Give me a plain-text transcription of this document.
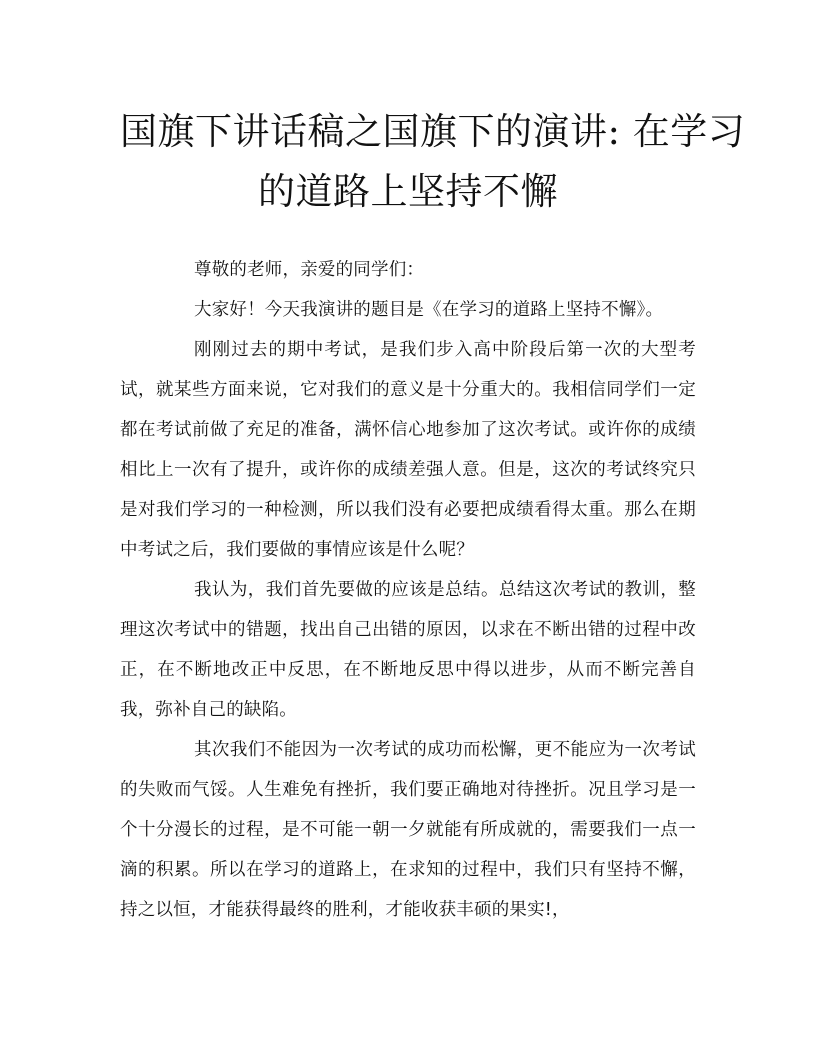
国旗下讲话稿之国旗下的演讲: 在学习
的道路上坚持不懈

尊敬的老师，亲爱的同学们：

大家好！今天我演讲的题目是《在学习的道路上坚持不懈》。

刚刚过去的期中考试，是我们步入高中阶段后第一次的大型考试，就某些方面来说，它对我们的意义是十分重大的。我相信同学们一定都在考试前做了充足的准备，满怀信心地参加了这次考试。或许你的成绩相比上一次有了提升，或许你的成绩差强人意。但是，这次的考试终究只是对我们学习的一种检测，所以我们没有必要把成绩看得太重。那么在期中考试之后，我们要做的事情应该是什么呢？

我认为，我们首先要做的应该是总结。总结这次考试的教训，整理这次考试中的错题，找出自己出错的原因，以求在不断出错的过程中改正，在不断地改正中反思，在不断地反思中得以进步，从而不断完善自我，弥补自己的缺陷。

其次我们不能因为一次考试的成功而松懈，更不能应为一次考试的失败而气馁。人生难免有挫折，我们要正确地对待挫折。况且学习是一个十分漫长的过程，是不可能一朝一夕就能有所成就的，需要我们一点一滴的积累。所以在学习的道路上，在求知的过程中，我们只有坚持不懈，持之以恒，才能获得最终的胜利，才能收获丰硕的果实!，
